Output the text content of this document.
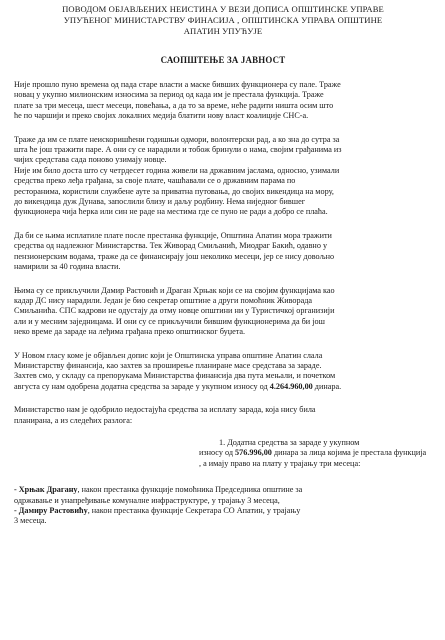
ПОВОДОМ ОБЈАВЉЕНИХ НЕИСТИНА У ВЕЗИ ДОПИСА ОПШТИНСКЕ УПРАВЕ
УПУЋЕНОГ МИНИСТАРСТВУ ФИНАСИЈА , ОПШТИНСКА УПРАВА ОПШТИНЕ
АПАТИН УПУЋУЈЕ
САОПШТЕЊЕ ЗА ЈАВНОСТ
Није прошло пуно времена од пада старе власти а маске бивших функционера су пале. Траже
новац у укупно милионским износима за период од када им је престала функција. Траже
плате за три месеца, шест месеци, повећања, а да то за време, неће радити ништа осим што
ће по чаршији и преко својих локалних медија блатити нову власт коалиције СНС-а.
Траже да им се плате неискоришћени годишњи одмори, волонтерски рад, а ко зна до сутра за
шта ће још тражити паре. А они су се нарадили и тобож бринули о нама, својим грађанима из
чијих средстава сада поново узимају новце.
Није им било доста што су четрдесет година живели на државним јаслама, односно, узимали
средства преко леђа грађана, за своје плате, чашћавали се о државним парама по
ресторанима, користили службене аутe за приватна путовања, до својих викендица на мору,
до викендица дуж Дунава, запослили близу и даљу родбину. Нема ниједног бившег
функционера чија ћерка или син не раде на местима где се пуно не ради а добро се плаћа.
Да би се њима исплатиле плате после престанка функције, Општина Апатин мора тражити
средства од надлежног Министарства. Тек Живорад Смиљанић, Миодраг Бакић, одавно у
пензионерским водама, траже да се финансирају још неколико месеци, јер се нису довољно
намирили за 40 година власти.
Њима су се прикључили Дамир Растовић и Драган Хрњак који се на својим функцијама као
кадар ДС нису нарадили. Један је био секретар општине а други помоћник Живорада
Смиљанића. СПС кадрови не одустају да отму новце општини ни у Туристичкој организији
али и у месним заједницама. И они су се прикључили бившим функционерима да би још
неко време да зараде на леђима грађана преко општинског буџета.
У Новом гласу коме је објављен допис који је Општинска управа општине Апатин слала
Министарству финансија, као захтев за проширење планиране масе средстава за зараде.
Захтев смо, у складу са препорукама Министарства финансија два пута мењали, и почетком
августа су нам одобрена додатна средства за зараде у укупном износу од 4.264.960,00 динара.
Министарство нам је одобрило недостајућа средства за исплату зарада, која нису била
планирана, а из следећих разлога:
1. Додатна средства за зараде у укупном
износу од 576.996,00 динара за лица којима је престала функција
, а имају право на плату у трајању три месеца:
- Хрњак Драгану, након престанка функције помоћника Председника општине за
одржавање и унапређивање комуналне инфраструктуре, у трајању 3 месеца,
- Дамиру Растовићу, након престанка функције Секретара СО Апатин, у трајању
3 месеца.
